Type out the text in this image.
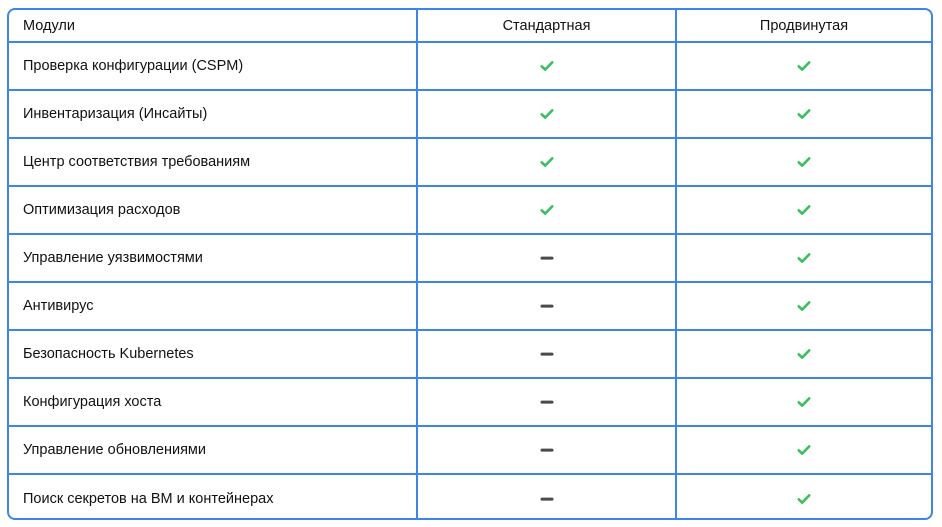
Модули	Стандартная	Продвинутая
Проверка конфигурации (CSPM)
Инвентаризация (Инсайты)
Центр соответствия требованиям
Оптимизация расходов
Управление уязвимостями
Антивирус
Безопасность Kubernetes
Конфигурация хоста
Управление обновлениями
Поиск секретов на ВМ и контейнерах
